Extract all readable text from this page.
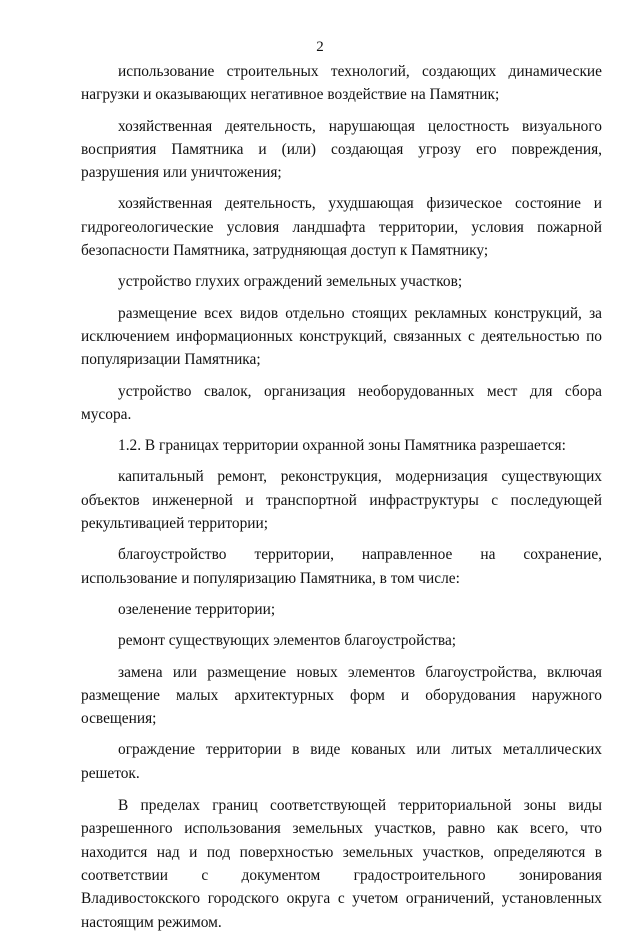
2

использование строительных технологий, создающих динамические нагрузки и оказывающих негативное воздействие на Памятник;

хозяйственная деятельность, нарушающая целостность визуального восприятия Памятника и (или) создающая угрозу его повреждения, разрушения или уничтожения;

хозяйственная деятельность, ухудшающая физическое состояние и гидрогеологические условия ландшафта территории, условия пожарной безопасности Памятника, затрудняющая доступ к Памятнику;

устройство глухих ограждений земельных участков;

размещение всех видов отдельно стоящих рекламных конструкций, за исключением информационных конструкций, связанных с деятельностью по популяризации Памятника;

устройство свалок, организация необорудованных мест для сбора мусора.

1.2. В границах территории охранной зоны Памятника разрешается:

капитальный ремонт, реконструкция, модернизация существующих объектов инженерной и транспортной инфраструктуры с последующей рекультивацией территории;

благоустройство территории, направленное на сохранение, использование и популяризацию Памятника, в том числе:

озеленение территории;

ремонт существующих элементов благоустройства;

замена или размещение новых элементов благоустройства, включая размещение малых архитектурных форм и оборудования наружного освещения;

ограждение территории в виде кованых или литых металлических решеток.

В пределах границ соответствующей территориальной зоны виды разрешенного использования земельных участков, равно как всего, что находится над и под поверхностью земельных участков, определяются в соответствии с документом градостроительного зонирования Владивостокского городского округа с учетом ограничений, установленных настоящим режимом.
